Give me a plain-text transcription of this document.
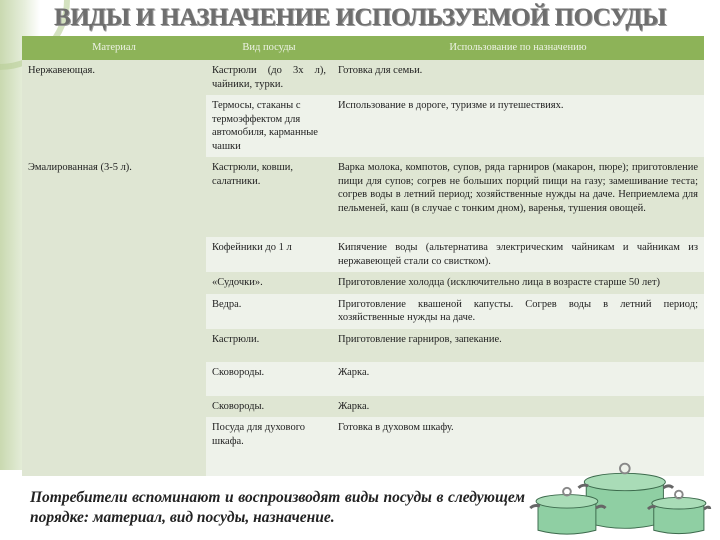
ВИДЫ И НАЗНАЧЕНИЕ ИСПОЛЬЗУЕМОЙ ПОСУДЫ
Материал	Вид посуды	Использование по назначению
Нержавеющая.	Кастрюли (до 3х л), чайники, турки.	Готовка для семьи.
	Термосы, стаканы с термоэффектом для автомобиля, карманные чашки	Использование в дороге, туризме и путешествиях.
Эмалированная (3-5 л).	Кастрюли, ковши, салатники.	Варка молока, компотов, супов, ряда гарниров (макарон, пюре); приготовление пищи для супов; согрев не больших порций пищи на газу; замешивание теста; согрев воды в летний период; хозяйственные нужды на даче. Неприемлема для пельменей, каш (в случае с тонким дном), варенья, тушения овощей.
	Кофейники до 1 л	Кипячение воды (альтернатива электрическим чайникам и чайникам из нержавеющей стали со свистком).
	«Судочки».	Приготовление холодца (исключительно лица в возрасте старше 50 лет)
	Ведра.	Приготовление квашеной капусты. Согрев воды в летний период; хозяйственные нужды на даче.
	Кастрюли.	Приготовление гарниров, запекание.
	Сковороды.	Жарка.
	Сковороды.	Жарка.
	Посуда для духового шкафа.	Готовка в духовом шкафу.
Потребители вспоминают и воспроизводят виды посуды в следующем порядке: материал, вид посуды, назначение.
